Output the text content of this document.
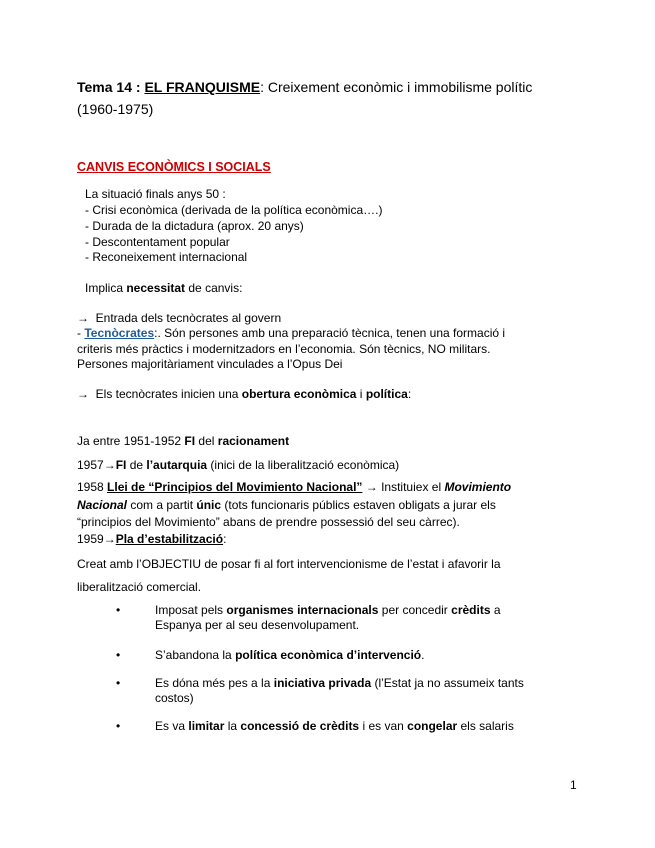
Tema 14 : EL FRANQUISME: Creixement econòmic i immobilisme polític
(1960-1975)
CANVIS ECONÒMICS I SOCIALS
La situació finals anys 50 :
- Crisi econòmica (derivada de la política econòmica….)
- Durada de la dictadura (aprox. 20 anys)
- Descontentament popular
- Reconeixement internacional
Implica necessitat de canvis:
→ Entrada dels tecnòcrates al govern
- Tecnòcrates:. Són persones amb una preparació tècnica, tenen una formació i
criteris més pràctics i modernitzadors en l’economia. Són tècnics, NO militars.
Persones majoritàriament vinculades a l’Opus Dei
→ Els tecnòcrates inicien una obertura econòmica i política:
Ja entre 1951-1952 FI del racionament
1957→FI de l’autarquia (inici de la liberalització econòmica)
1958 Llei de “Principios del Movimiento Nacional” → Instituiex el Movimiento
Nacional com a partit únic (tots funcionaris públics estaven obligats a jurar els
“principios del Movimiento” abans de prendre possessió del seu càrrec).
1959→Pla d’estabilització:
Creat amb l’OBJECTIU de posar fi al fort intervencionisme de l’estat i afavorir la
liberalització comercial.
•	Imposat pels organismes internacionals per concedir crèdits a
Espanya per al seu desenvolupament.
•	S’abandona la política econòmica d’intervenció.
•	Es dóna més pes a la iniciativa privada (l’Estat ja no assumeix tants
costos)
•	Es va limitar la concessió de crèdits i es van congelar els salaris
1
